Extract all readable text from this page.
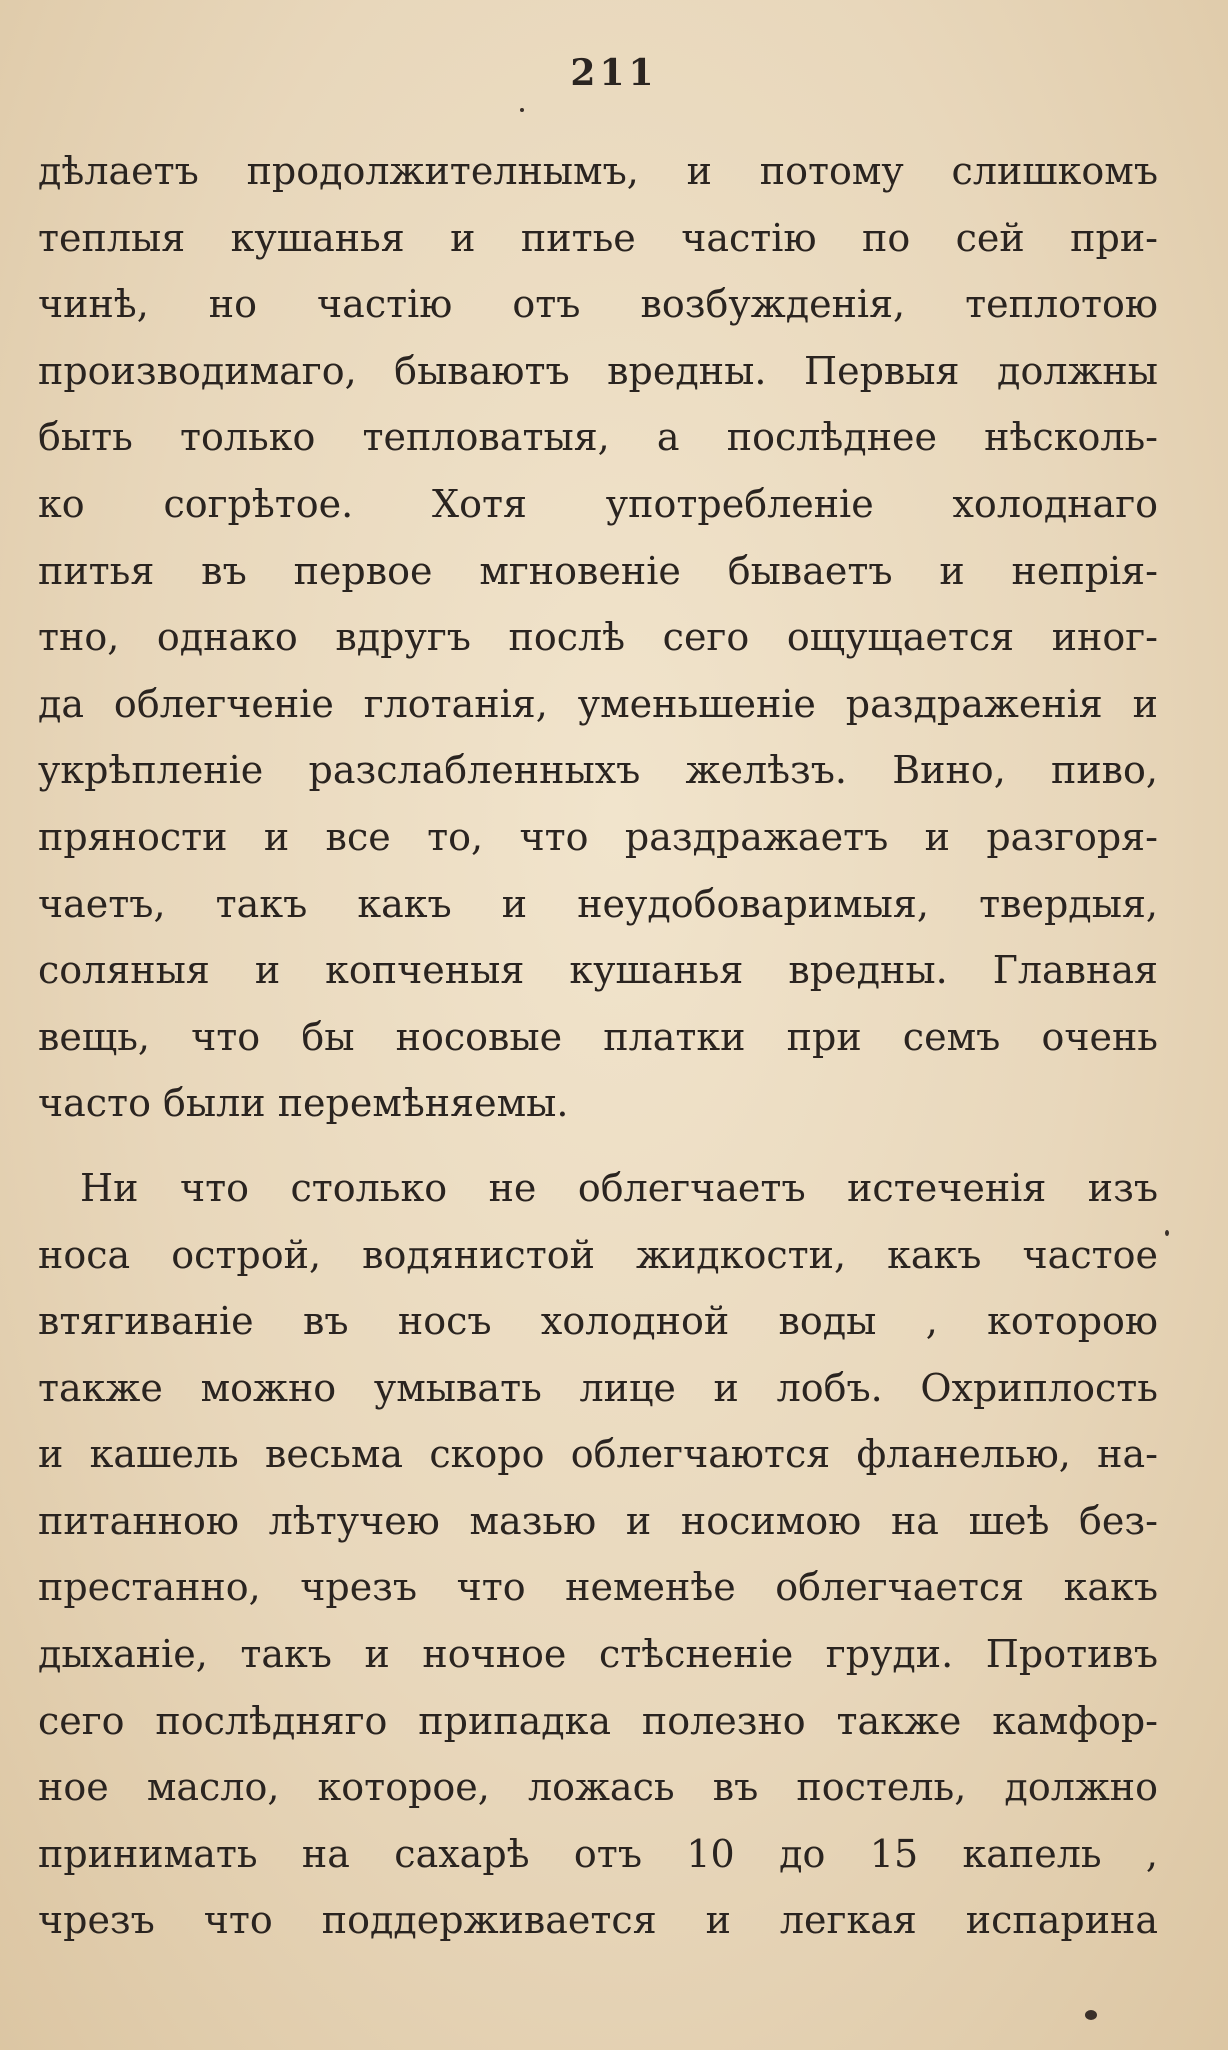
211
дѣлаетъ продолжителнымъ, и потому слишкомъ
теплыя кушанья и питье частію по сей при-
чинѣ, но частію отъ возбужденія, теплотою
производимаго, бываютъ вредны. Первыя должны
быть только тепловатыя, а послѣднее нѣсколь-
ко согрѣтое. Хотя употребленіе холоднаго
питья въ первое мгновеніе бываетъ и непрія-
тно, однако вдругъ послѣ сего ощущается иног-
да облегченіе глотанія, уменьшеніе раздраженія и
укрѣпленіе разслабленныхъ желѣзъ. Вино, пиво,
пряности и все то, что раздражаетъ и разгоря-
чаетъ, такъ какъ и неудобоваримыя, твердыя,
соляныя и копченыя кушанья вредны. Главная
вещь, что бы носовые платки при семъ очень
часто были перемѣняемы.
Ни что столько не облегчаетъ истеченія изъ
носа острой, водянистой жидкости, какъ частое
втягиваніе въ носъ холодной воды , которою
также можно умывать лице и лобъ. Охриплость
и кашель весьма скоро облегчаются фланелью, на-
питанною лѣтучею мазью и носимою на шеѣ без-
престанно, чрезъ что неменѣе облегчается какъ
дыханіе, такъ и ночное стѣсненіе груди. Противъ
сего послѣдняго припадка полезно также камфор-
ное масло, которое, ложась въ постель, должно
принимать на сахарѣ отъ 10 до 15 капель ,
чрезъ что поддерживается и легкая испарина
